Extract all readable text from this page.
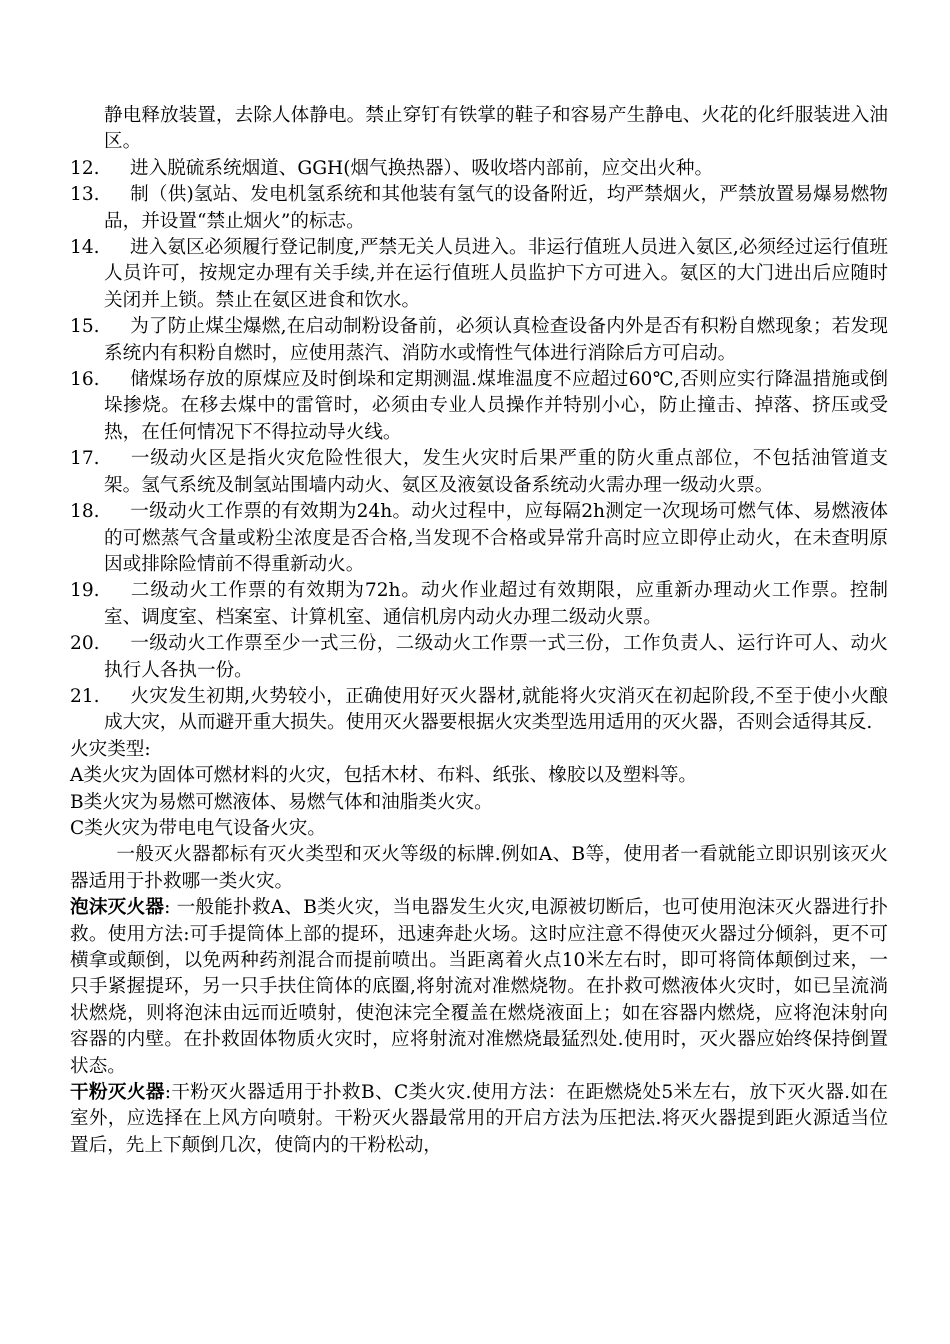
静电释放装置，去除人体静电。禁止穿钉有铁掌的鞋子和容易产生静电、火花的化纤服装进入油区。

12. 进入脱硫系统烟道、GGH(烟气换热器）、吸收塔内部前，应交出火种。
13. 制（供)氢站、发电机氢系统和其他装有氢气的设备附近，均严禁烟火，严禁放置易爆易燃物品，并设置“禁止烟火”的标志。
14. 进入氨区必须履行登记制度,严禁无关人员进入。非运行值班人员进入氨区,必须经过运行值班人员许可，按规定办理有关手续,并在运行值班人员监护下方可进入。氨区的大门进出后应随时关闭并上锁。禁止在氨区进食和饮水。
15. 为了防止煤尘爆燃,在启动制粉设备前，必须认真检查设备内外是否有积粉自燃现象；若发现系统内有积粉自燃时，应使用蒸汽、消防水或惰性气体进行消除后方可启动。
16. 储煤场存放的原煤应及时倒垛和定期测温.煤堆温度不应超过60℃,否则应实行降温措施或倒垛掺烧。在移去煤中的雷管时，必须由专业人员操作并特别小心，防止撞击、掉落、挤压或受热，在任何情况下不得拉动导火线。
17. 一级动火区是指火灾危险性很大，发生火灾时后果严重的防火重点部位，不包括油管道支架。氢气系统及制氢站围墙内动火、氨区及液氨设备系统动火需办理一级动火票。
18. 一级动火工作票的有效期为24h。动火过程中，应每隔2h测定一次现场可燃气体、易燃液体的可燃蒸气含量或粉尘浓度是否合格,当发现不合格或异常升高时应立即停止动火，在未查明原因或排除险情前不得重新动火。
19. 二级动火工作票的有效期为72h。动火作业超过有效期限，应重新办理动火工作票。控制室、调度室、档案室、计算机室、通信机房内动火办理二级动火票。
20. 一级动火工作票至少一式三份，二级动火工作票一式三份，工作负责人、运行许可人、动火执行人各执一份。
21. 火灾发生初期,火势较小，正确使用好灭火器材,就能将火灾消灭在初起阶段,不至于使小火酿成大灾，从而避开重大损失。使用灭火器要根据火灾类型选用适用的灭火器，否则会适得其反.

火灾类型:

A类火灾为固体可燃材料的火灾，包括木材、布料、纸张、橡胶以及塑料等。

B类火灾为易燃可燃液体、易燃气体和油脂类火灾。

C类火灾为带电电气设备火灾。

一般灭火器都标有灭火类型和灭火等级的标牌.例如A、B等，使用者一看就能立即识别该灭火器适用于扑救哪一类火灾。

泡沫灭火器: 一般能扑救A、B类火灾，当电器发生火灾,电源被切断后，也可使用泡沫灭火器进行扑救。使用方法:可手提筒体上部的提环，迅速奔赴火场。这时应注意不得使灭火器过分倾斜，更不可横拿或颠倒，以免两种药剂混合而提前喷出。当距离着火点10米左右时，即可将筒体颠倒过来，一只手紧握提环，另一只手扶住筒体的底圈,将射流对准燃烧物。在扑救可燃液体火灾时，如已呈流淌状燃烧，则将泡沫由远而近喷射，使泡沫完全覆盖在燃烧液面上；如在容器内燃烧，应将泡沫射向容器的内壁。在扑救固体物质火灾时，应将射流对准燃烧最猛烈处.使用时，灭火器应始终保持倒置状态。

干粉灭火器:干粉灭火器适用于扑救B、C类火灾.使用方法：在距燃烧处5米左右，放下灭火器.如在室外，应选择在上风方向喷射。干粉灭火器最常用的开启方法为压把法.将灭火器提到距火源适当位置后，先上下颠倒几次，使筒内的干粉松动，
